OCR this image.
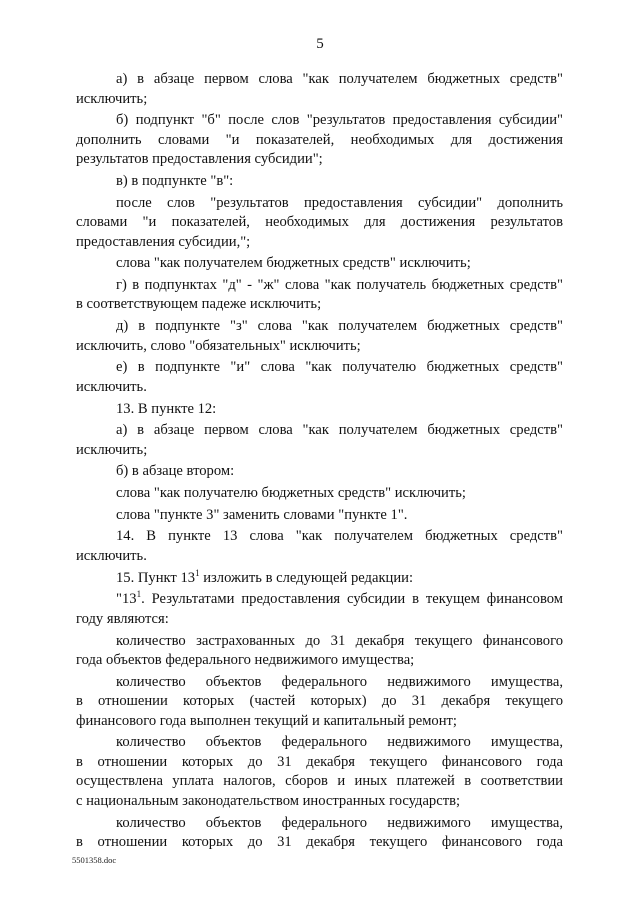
5
а) в абзаце первом слова "как получателем бюджетных средств"
исключить;
б) подпункт "б" после слов "результатов предоставления субсидии"
дополнить словами "и показателей, необходимых для достижения
результатов предоставления субсидии";
в) в подпункте "в":
после слов "результатов предоставления субсидии" дополнить
словами "и показателей, необходимых для достижения результатов
предоставления субсидии,";
слова "как получателем бюджетных средств" исключить;
г) в подпунктах "д" - "ж" слова "как получатель бюджетных средств"
в соответствующем падеже исключить;
д) в подпункте "з" слова "как получателем бюджетных средств"
исключить, слово "обязательных" исключить;
е) в подпункте "и" слова "как получателю бюджетных средств"
исключить.
13. В пункте 12:
а) в абзаце первом слова "как получателем бюджетных средств"
исключить;
б) в абзаце втором:
слова "как получателю бюджетных средств" исключить;
слова "пункте 3" заменить словами "пункте 1".
14. В пункте 13 слова "как получателем бюджетных средств"
исключить.
15. Пункт $13^1$ изложить в следующей редакции:
"$13^1$. Результатами предоставления субсидии в текущем финансовом
году являются:
количество застрахованных до 31 декабря текущего финансового
года объектов федерального недвижимого имущества;
количество объектов федерального недвижимого имущества,
в отношении которых (частей которых) до 31 декабря текущего
финансового года выполнен текущий и капитальный ремонт;
количество объектов федерального недвижимого имущества,
в отношении которых до 31 декабря текущего финансового года
осуществлена уплата налогов, сборов и иных платежей в соответствии
с национальным законодательством иностранных государств;
количество объектов федерального недвижимого имущества,
в отношении которых до 31 декабря текущего финансового года
5501358.doc
